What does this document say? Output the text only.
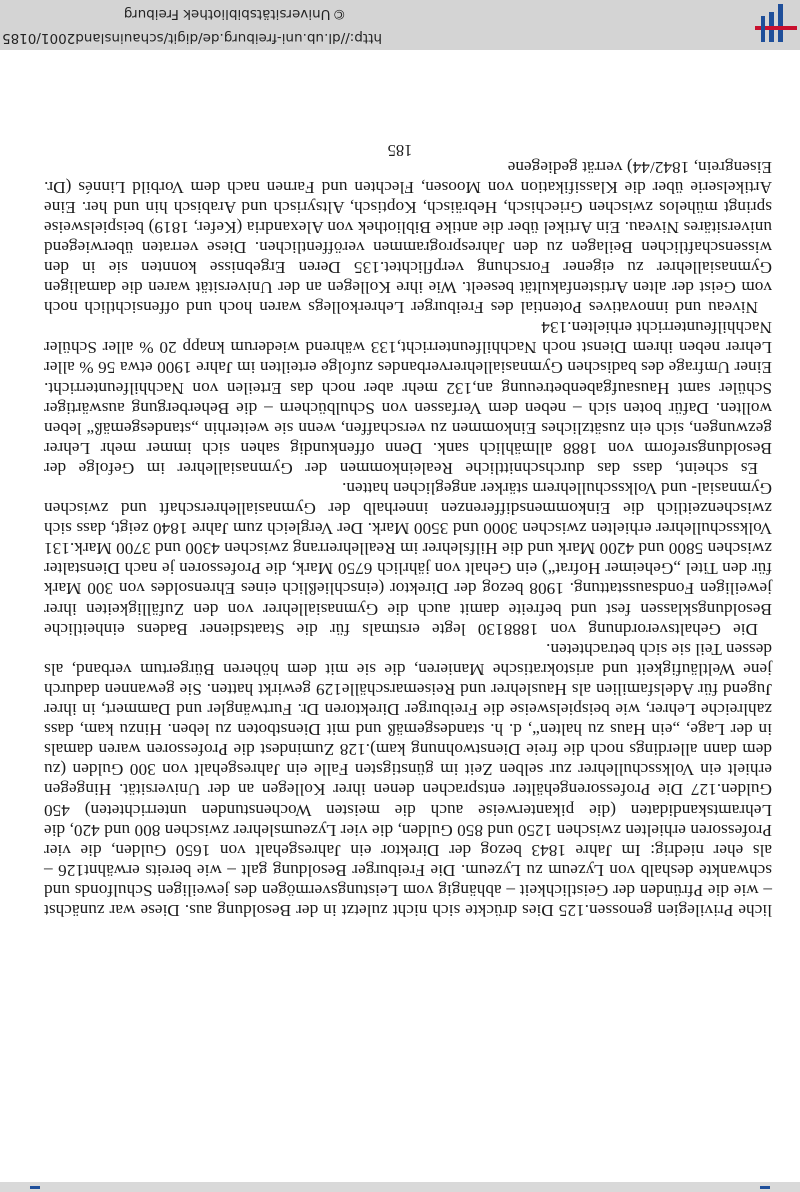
liche Privilegien genossen.125 Dies drückte sich nicht zuletzt in der Besoldung aus. Diese war zunächst – wie die Pfründen der Geistlichkeit – abhängig vom Leistungsvermögen des jeweiligen Schulfonds und schwankte deshalb von Lyzeum zu Lyzeum. Die Freiburger Besoldung galt – wie bereits erwähnt126 – als eher niedrig: Im Jahre 1843 bezog der Direktor ein Jahresgehalt von 1650 Gulden, die vier Professoren erhielten zwischen 1250 und 850 Gulden, die vier Lyzeumslehrer zwischen 800 und 420, die Lehramtskandidaten (die pikanterweise auch die meisten Wochenstunden unterrichteten) 450 Gulden.127 Die Professorengehälter entsprachen denen ihrer Kollegen an der Universität. Hingegen erhielt ein Volksschullehrer zur selben Zeit im günstigsten Falle ein Jahresgehalt von 300 Gulden (zu dem dann allerdings noch die freie Dienstwohnung kam).128 Zumindest die Professoren waren damals in der Lage, „ein Haus zu halten“, d. h. standesgemäß und mit Dienstboten zu leben. Hinzu kam, dass zahlreiche Lehrer, wie beispielsweise die Freiburger Direktoren Dr. Furtwängler und Dammert, in ihrer Jugend für Adelsfamilien als Hauslehrer und Reisemarschälle129 gewirkt hatten. Sie gewannen dadurch jene Weltläufigkeit und aristokratische Manieren, die sie mit dem höheren Bürgertum verband, als dessen Teil sie sich betrachteten.

Die Gehaltsverordnung von 1888130 legte erstmals für die Staatsdiener Badens einheitliche Besoldungsklassen fest und befreite damit auch die Gymnasiallehrer von den Zufälligkeiten ihrer jeweiligen Fondsausstattung. 1908 bezog der Direktor (einschließlich eines Ehrensoldes von 300 Mark für den Titel „Geheimer Hofrat“) ein Gehalt von jährlich 6750 Mark, die Professoren je nach Dienstalter zwischen 5800 und 4200 Mark und die Hilfslehrer im Reallehrerrang zwischen 4300 und 3700 Mark.131 Volksschullehrer erhielten zwischen 3000 und 3500 Mark. Der Vergleich zum Jahre 1840 zeigt, dass sich zwischenzeitlich die Einkommensdifferenzen innerhalb der Gymnasiallehrerschaft und zwischen Gymnasial- und Volksschullehrern stärker angeglichen hatten.

Es scheint, dass das durchschnittliche Realeinkommen der Gymnasiallehrer im Gefolge der Besoldungsreform von 1888 allmählich sank. Denn offenkundig sahen sich immer mehr Lehrer gezwungen, sich ein zusätzliches Einkommen zu verschaffen, wenn sie weiterhin „standesgemäß“ leben wollten. Dafür boten sich – neben dem Verfassen von Schulbüchern – die Beherbergung auswärtiger Schüler samt Hausaufgabenbetreuung an,132 mehr aber noch das Erteilen von Nachhilfeunterricht. Einer Umfrage des badischen Gymnasiallehrerverbandes zufolge erteilten im Jahre 1900 etwa 56 % aller Lehrer neben ihrem Dienst noch Nachhilfeunterricht,133 während wiederum knapp 20 % aller Schüler Nachhilfeunterricht erhielten.134

Niveau und innovatives Potential des Freiburger Lehrerkollegs waren hoch und offensichtlich noch vom Geist der alten Artistenfakultät beseelt. Wie ihre Kollegen an der Universität waren die damaligen Gymnasiallehrer zu eigener Forschung verpflichtet.135 Deren Ergebnisse konnten sie in den wissenschaftlichen Beilagen zu den Jahresprogrammen veröffentlichen. Diese verraten überwiegend universitäres Niveau. Ein Artikel über die antike Bibliothek von Alexandria (Kefer, 1819) beispielsweise springt mühelos zwischen Griechisch, Hebräisch, Koptisch, Altsyrisch und Arabisch hin und her. Eine Artikelserie über die Klassifikation von Moosen, Flechten und Farnen nach dem Vorbild Linnés (Dr. Eisengrein, 1842/44) verrät gediegene

185
http://dl.ub.uni-freiburg.de/digit/schauinsland2001/0185
©Universitätsbibliothek Freiburg
